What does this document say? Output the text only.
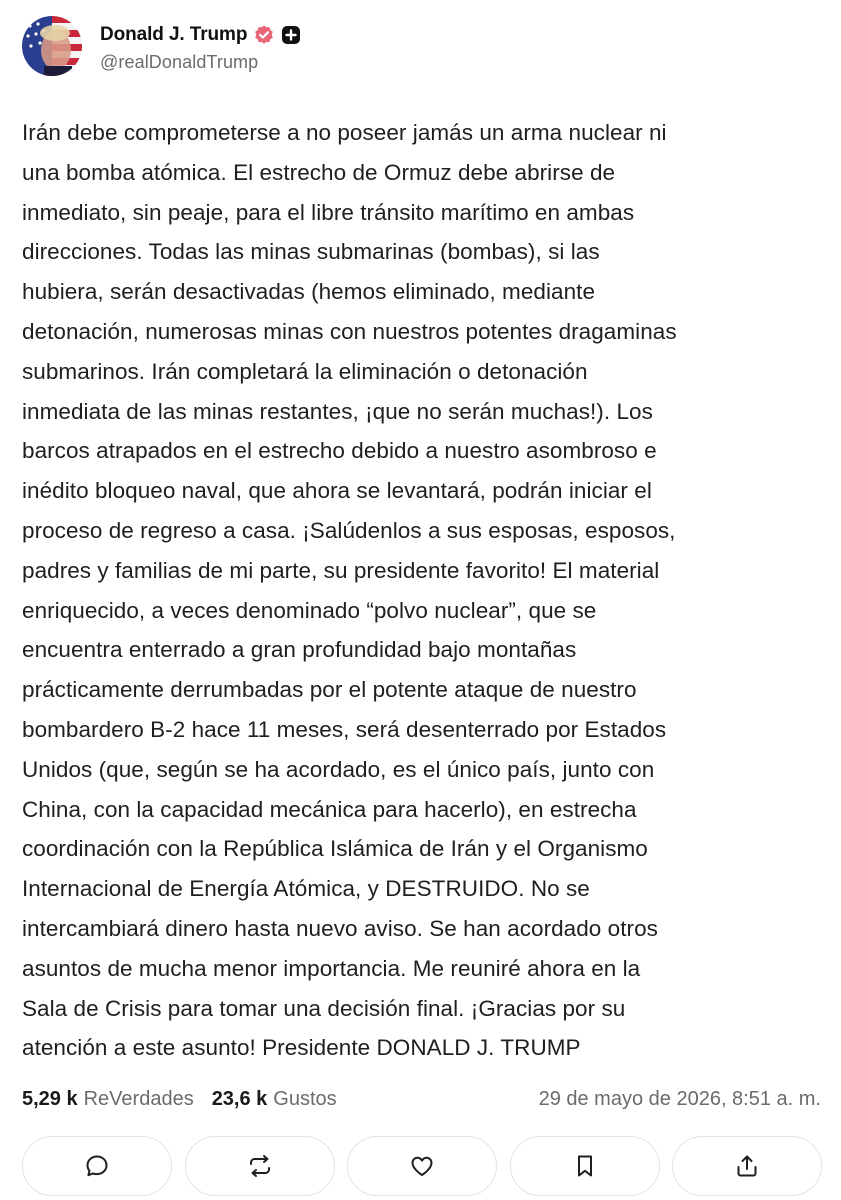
Donald J. Trump
@realDonaldTrump

Irán debe comprometerse a no poseer jamás un arma nuclear ni
una bomba atómica. El estrecho de Ormuz debe abrirse de
inmediato, sin peaje, para el libre tránsito marítimo en ambas
direcciones. Todas las minas submarinas (bombas), si las
hubiera, serán desactivadas (hemos eliminado, mediante
detonación, numerosas minas con nuestros potentes dragaminas
submarinos. Irán completará la eliminación o detonación
inmediata de las minas restantes, ¡que no serán muchas!). Los
barcos atrapados en el estrecho debido a nuestro asombroso e
inédito bloqueo naval, que ahora se levantará, podrán iniciar el
proceso de regreso a casa. ¡Salúdenlos a sus esposas, esposos,
padres y familias de mi parte, su presidente favorito! El material
enriquecido, a veces denominado “polvo nuclear”, que se
encuentra enterrado a gran profundidad bajo montañas
prácticamente derrumbadas por el potente ataque de nuestro
bombardero B-2 hace 11 meses, será desenterrado por Estados
Unidos (que, según se ha acordado, es el único país, junto con
China, con la capacidad mecánica para hacerlo), en estrecha
coordinación con la República Islámica de Irán y el Organismo
Internacional de Energía Atómica, y DESTRUIDO. No se
intercambiará dinero hasta nuevo aviso. Se han acordado otros
asuntos de mucha menor importancia. Me reuniré ahora en la
Sala de Crisis para tomar una decisión final. ¡Gracias por su
atención a este asunto! Presidente DONALD J. TRUMP

5,29 k ReVerdades 23,6 k Gustos	29 de mayo de 2026, 8:51 a. m.
